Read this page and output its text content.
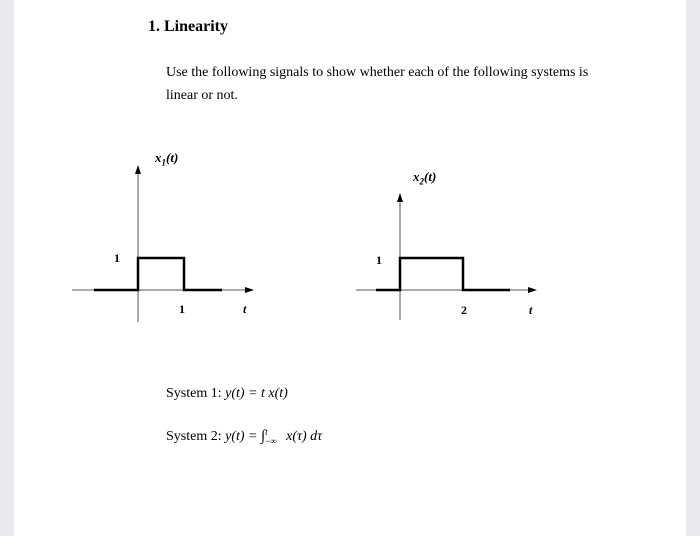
1. Linearity
Use the following signals to show whether each of the following systems is
linear or not.
$x_1(t)$
1
1	t
$x_2(t)$
1
2	t
System 1: y(t) = t x(t)
System 2: y(t) = ∫ t
−∞ x(τ) dτ
